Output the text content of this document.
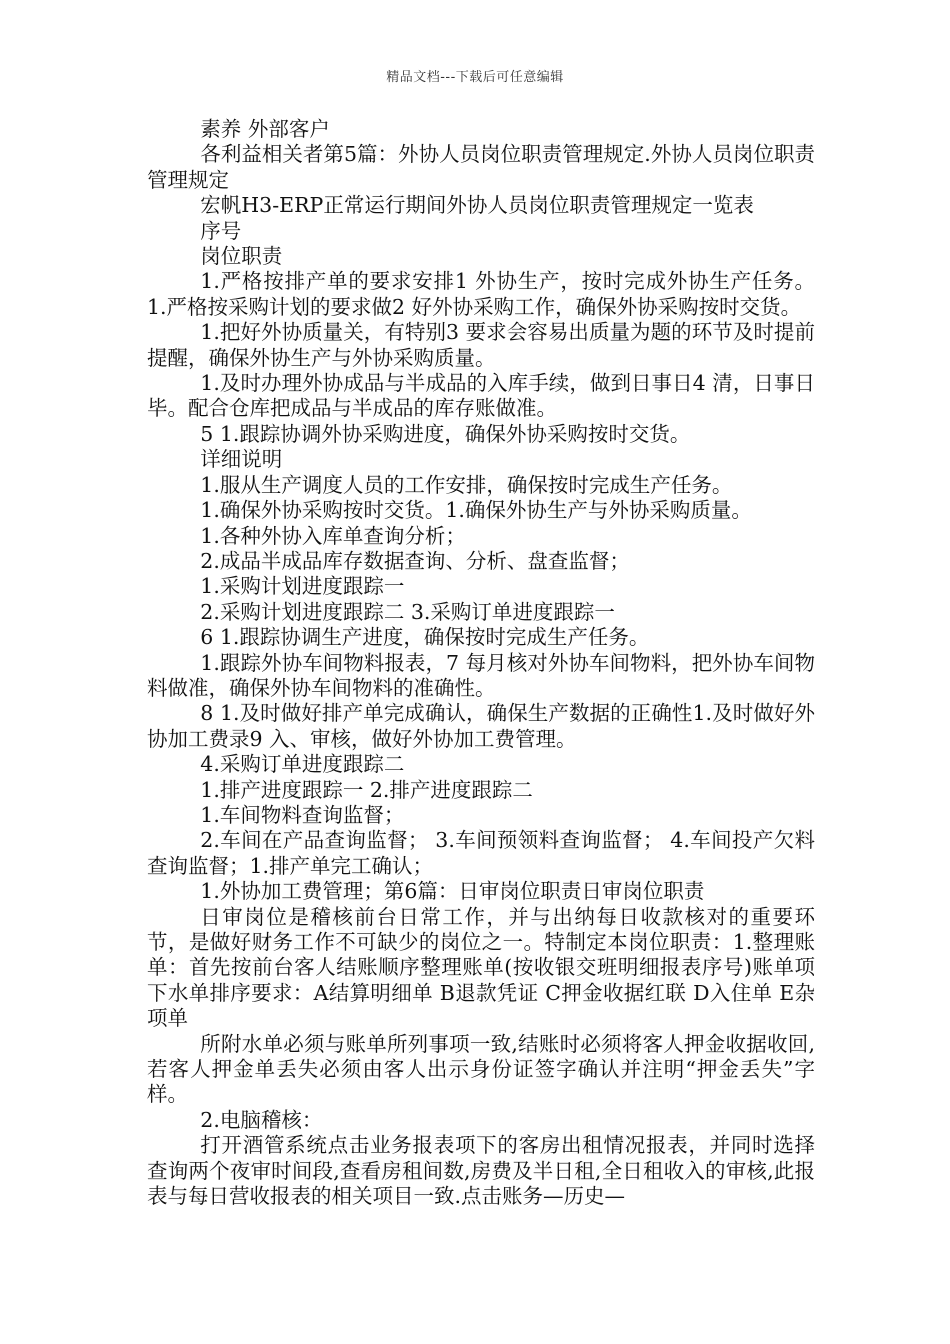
精品文档---下载后可任意编辑

素养 外部客户

各利益相关者第5篇：外协人员岗位职责管理规定.外协人员岗位职责管理规定

宏帆H3-ERP正常运行期间外协人员岗位职责管理规定一览表

序号

岗位职责

1.严格按排产单的要求安排1 外协生产，按时完成外协生产任务。 1.严格按采购计划的要求做2 好外协采购工作，确保外协采购按时交货。

1.把好外协质量关，有特别3 要求会容易出质量为题的环节及时提前提醒，确保外协生产与外协采购质量。

1.及时办理外协成品与半成品的入库手续，做到日事日4 清，日事日毕。配合仓库把成品与半成品的库存账做准。

5 1.跟踪协调外协采购进度，确保外协采购按时交货。

详细说明

1.服从生产调度人员的工作安排，确保按时完成生产任务。

1.确保外协采购按时交货。1.确保外协生产与外协采购质量。

1.各种外协入库单查询分析；

2.成品半成品库存数据查询、分析、盘查监督；

1.采购计划进度跟踪一

2.采购计划进度跟踪二 3.采购订单进度跟踪一

6 1.跟踪协调生产进度，确保按时完成生产任务。

1.跟踪外协车间物料报表，7 每月核对外协车间物料，把外协车间物料做准，确保外协车间物料的准确性。

8 1.及时做好排产单完成确认，确保生产数据的正确性1.及时做好外协加工费录9 入、审核，做好外协加工费管理。

4.采购订单进度跟踪二

1.排产进度跟踪一 2.排产进度跟踪二

1.车间物料查询监督；

2.车间在产品查询监督； 3.车间预领料查询监督； 4.车间投产欠料查询监督；1.排产单完工确认；

1.外协加工费管理；第6篇：日审岗位职责日审岗位职责

日审岗位是稽核前台日常工作，并与出纳每日收款核对的重要环节，是做好财务工作不可缺少的岗位之一。特制定本岗位职责：1.整理账单：首先按前台客人结账顺序整理账单(按收银交班明细报表序号)账单项下水单排序要求：A结算明细单 B退款凭证 C押金收据红联 D入住单 E杂项单

所附水单必须与账单所列事项一致,结账时必须将客人押金收据收回,若客人押金单丢失必须由客人出示身份证签字确认并注明“押金丢失”字样。

2.电脑稽核：

打开酒管系统点击业务报表项下的客房出租情况报表，并同时选择查询两个夜审时间段,查看房租间数,房费及半日租,全日租收入的审核,此报表与每日营收报表的相关项目一致.点击账务—历史—
